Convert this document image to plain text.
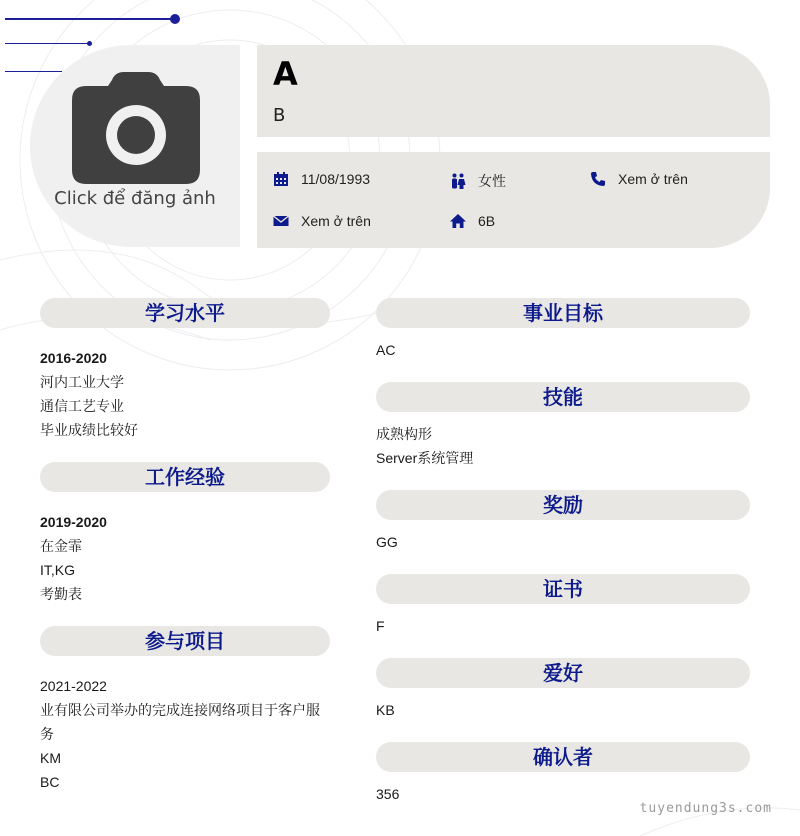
Click để đăng ảnh
A
B
11/08/1993	女性	Xem ở trên
Xem ở trên	6B
学习水平
2016-2020
河内工业大学
通信工艺专业
毕业成绩比较好
工作经验
2019-2020
在金霏
IT,KG
考勤表
参与项目
2021-2022
业有限公司举办的完成连接网络项目于客户服
务
KM
BC
事业目标
AC
技能
成熟构形
Server系统管理
奖励
GG
证书
F
爱好
KB
确认者
356
tuyendung3s.com
